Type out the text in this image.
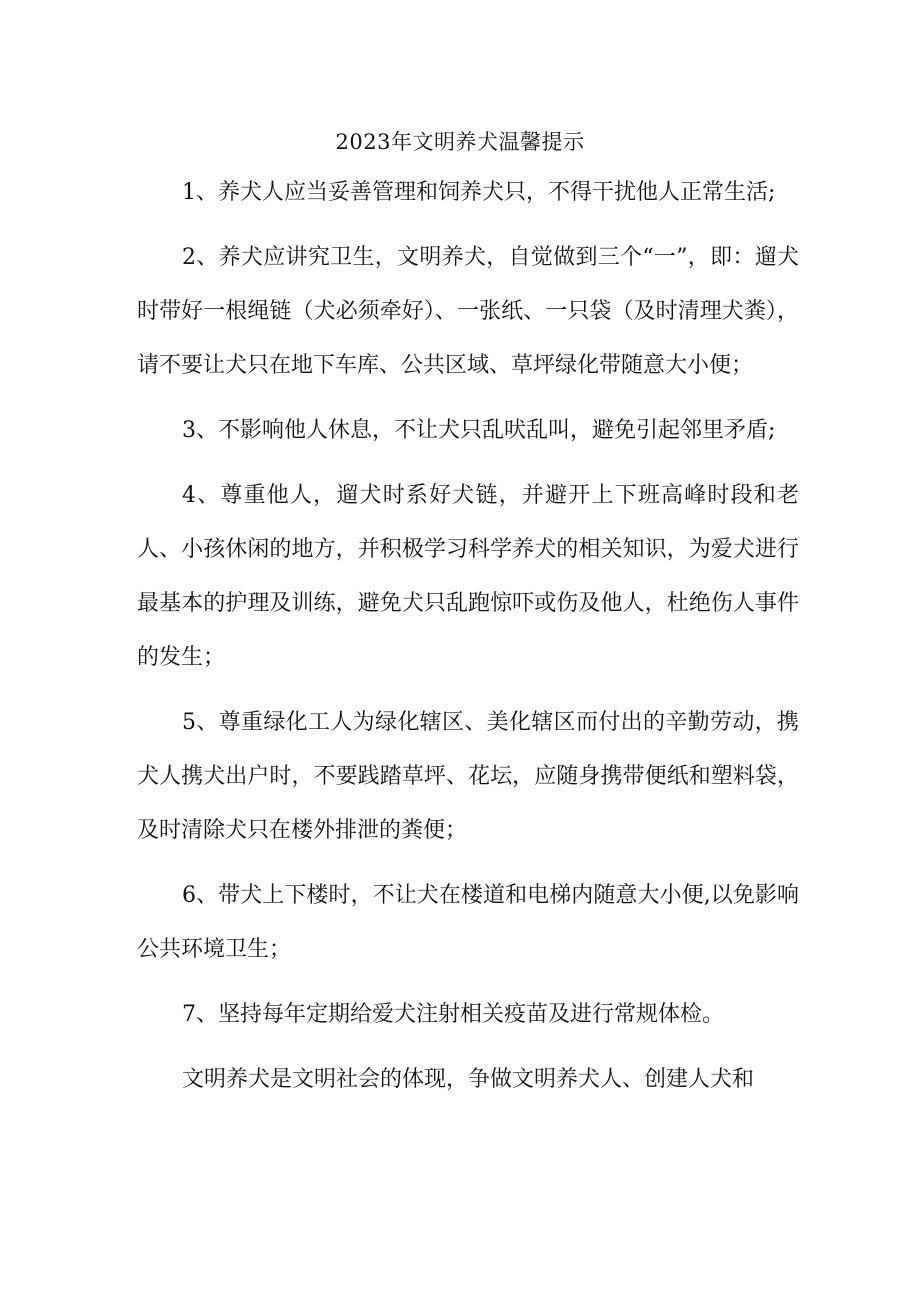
2023年文明养犬温馨提示

1、养犬人应当妥善管理和饲养犬只，不得干扰他人正常生活;

2、养犬应讲究卫生，文明养犬，自觉做到三个“一”，即：遛犬时带好一根绳链（犬必须牵好）、一张纸、一只袋（及时清理犬粪），请不要让犬只在地下车库、公共区域、草坪绿化带随意大小便；

3、不影响他人休息，不让犬只乱吠乱叫，避免引起邻里矛盾;

4、尊重他人，遛犬时系好犬链，并避开上下班高峰时段和老人、小孩休闲的地方，并积极学习科学养犬的相关知识，为爱犬进行最基本的护理及训练，避免犬只乱跑惊吓或伤及他人，杜绝伤人事件的发生；

5、尊重绿化工人为绿化辖区、美化辖区而付出的辛勤劳动，携犬人携犬出户时，不要践踏草坪、花坛，应随身携带便纸和塑料袋，及时清除犬只在楼外排泄的粪便；

6、带犬上下楼时，不让犬在楼道和电梯内随意大小便,以免影响公共环境卫生；

7、坚持每年定期给爱犬注射相关疫苗及进行常规体检。

文明养犬是文明社会的体现，争做文明养犬人、创建人犬和
